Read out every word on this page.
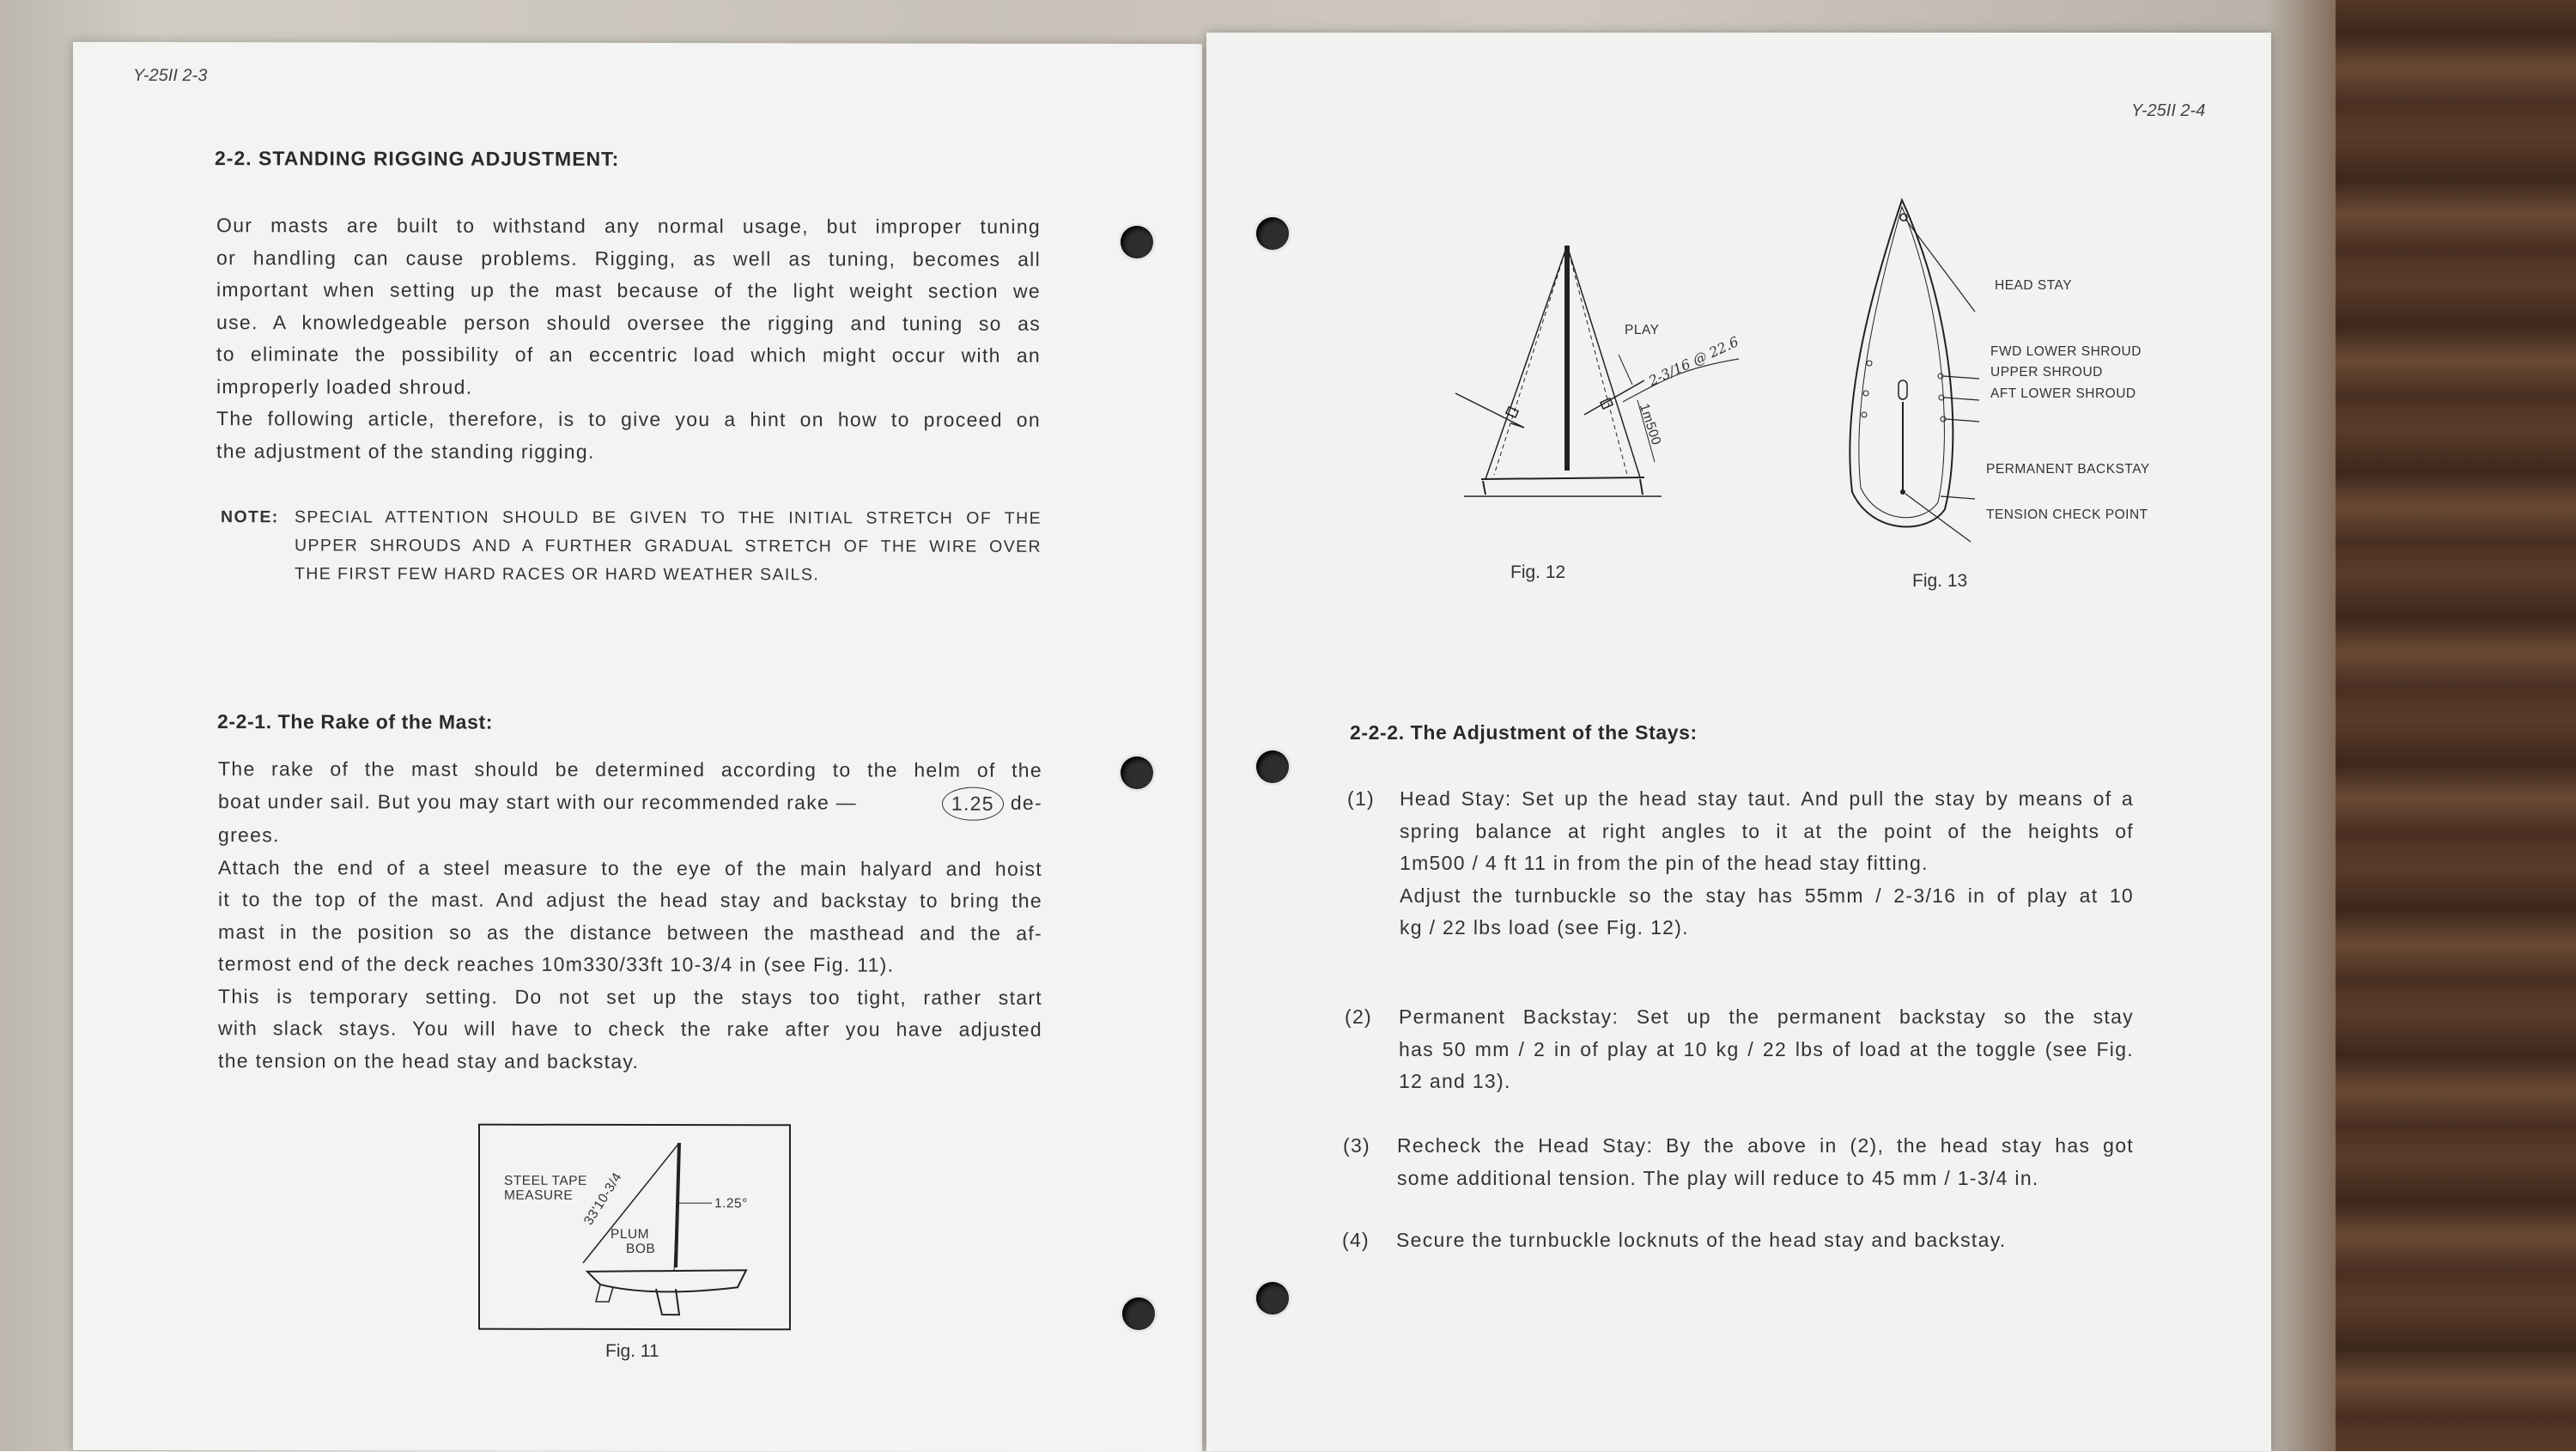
Y-25II 2-3
2-2. STANDING RIGGING ADJUSTMENT:
Our masts are built to withstand any normal usage, but improper tuning
or handling can cause problems. Rigging, as well as tuning, becomes all
important when setting up the mast because of the light weight section we
use. A knowledgeable person should oversee the rigging and tuning so as
to eliminate the possibility of an eccentric load which might occur with an
improperly loaded shroud.
The following article, therefore, is to give you a hint on how to proceed on
the adjustment of the standing rigging.
NOTE: SPECIAL ATTENTION SHOULD BE GIVEN TO THE INITIAL STRETCH OF THE
UPPER SHROUDS AND A FURTHER GRADUAL STRETCH OF THE WIRE OVER
THE FIRST FEW HARD RACES OR HARD WEATHER SAILS.
2-2-1. The Rake of the Mast:
The rake of the mast should be determined according to the helm of the
boat under sail. But you may start with our recommended rake —	1.25 de-
grees.
Attach the end of a steel measure to the eye of the main halyard and hoist
it to the top of the mast. And adjust the head stay and backstay to bring the
mast in the position so as the distance between the masthead and the af-
termost end of the deck reaches 10m330/33ft 10-3/4 in (see Fig. 11).
This is temporary setting. Do not set up the stays too tight, rather start
with slack stays. You will have to check the rake after you have adjusted
the tension on the head stay and backstay.
STEEL TAPE
MEASURE 33'10-3/4	1.25°
PLUM
BOB
Fig. 11
Y-25II 2-4
PLAY
1m500
2-3/16 @ 22.6
Fig. 12
HEAD STAY
FWD LOWER SHROUD
UPPER SHROUD
AFT LOWER SHROUD
PERMANENT BACKSTAY
TENSION CHECK POINT
Fig. 13
2-2-2. The Adjustment of the Stays:
(1) Head Stay: Set up the head stay taut. And pull the stay by means of a
spring balance at right angles to it at the point of the heights of
1m500 / 4 ft 11 in from the pin of the head stay fitting.
Adjust the turnbuckle so the stay has 55mm / 2-3/16 in of play at 10
kg / 22 lbs load (see Fig. 12).
(2) Permanent Backstay: Set up the permanent backstay so the stay
has 50 mm / 2 in of play at 10 kg / 22 lbs of load at the toggle (see Fig.
12 and 13).
(3) Recheck the Head Stay: By the above in (2), the head stay has got
some additional tension. The play will reduce to 45 mm / 1-3/4 in.
(4) Secure the turnbuckle locknuts of the head stay and backstay.
